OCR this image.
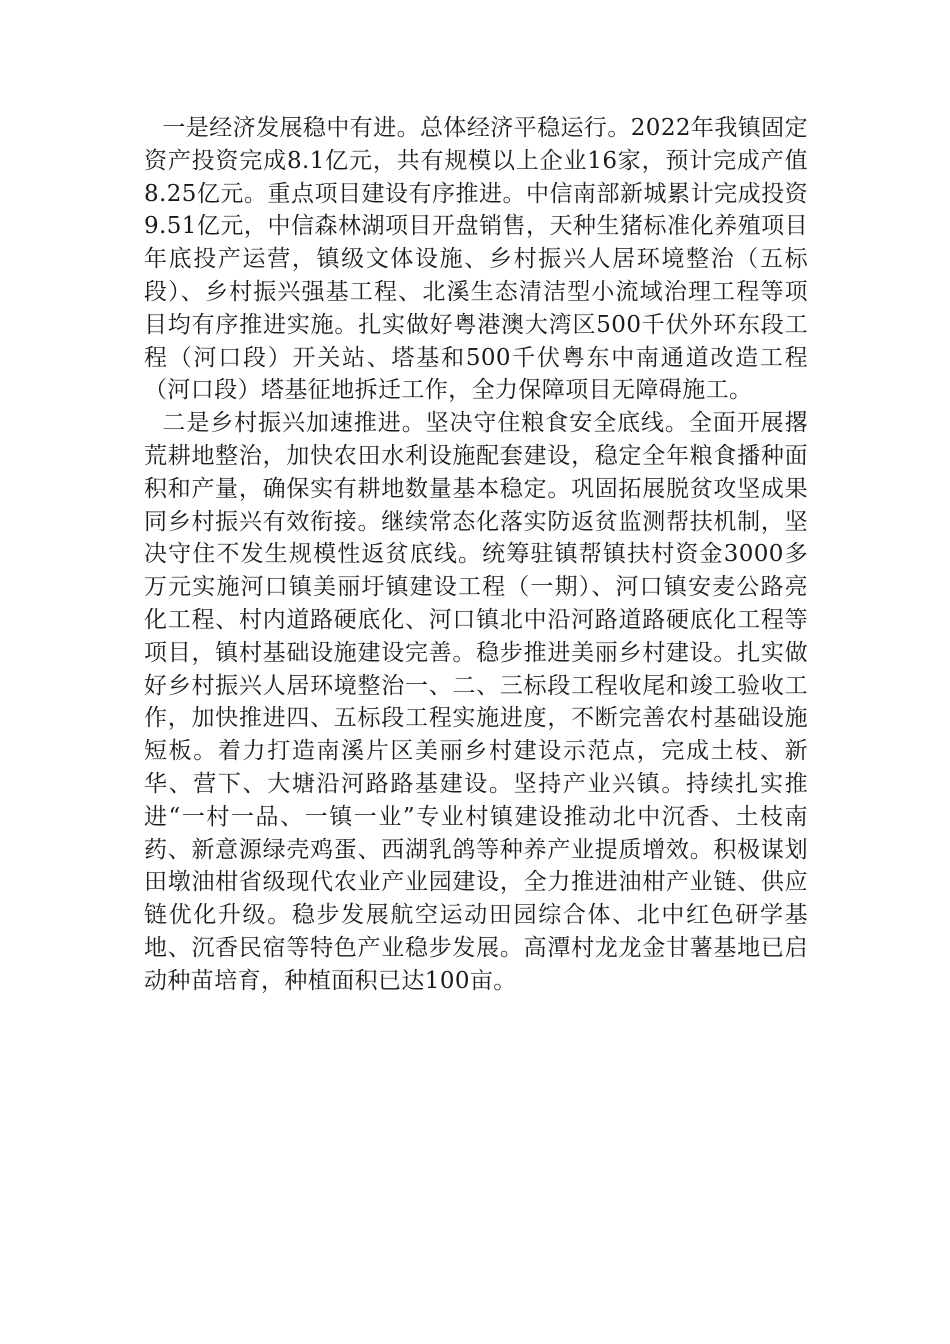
一是经济发展稳中有进。总体经济平稳运行。2022年我镇固定资产投资完成8.1亿元，共有规模以上企业16家，预计完成产值8.25亿元。重点项目建设有序推进。中信南部新城累计完成投资9.51亿元，中信森林湖项目开盘销售，天种生猪标准化养殖项目年底投产运营，镇级文体设施、乡村振兴人居环境整治（五标段）、乡村振兴强基工程、北溪生态清洁型小流域治理工程等项目均有序推进实施。扎实做好粤港澳大湾区500千伏外环东段工程（河口段）开关站、塔基和500千伏粤东中南通道改造工程（河口段）塔基征地拆迁工作，全力保障项目无障碍施工。

二是乡村振兴加速推进。坚决守住粮食安全底线。全面开展撂荒耕地整治，加快农田水利设施配套建设，稳定全年粮食播种面积和产量，确保实有耕地数量基本稳定。巩固拓展脱贫攻坚成果同乡村振兴有效衔接。继续常态化落实防返贫监测帮扶机制，坚决守住不发生规模性返贫底线。统筹驻镇帮镇扶村资金3000多万元实施河口镇美丽圩镇建设工程（一期）、河口镇安麦公路亮化工程、村内道路硬底化、河口镇北中沿河路道路硬底化工程等项目，镇村基础设施建设完善。稳步推进美丽乡村建设。扎实做好乡村振兴人居环境整治一、二、三标段工程收尾和竣工验收工作，加快推进四、五标段工程实施进度，不断完善农村基础设施短板。着力打造南溪片区美丽乡村建设示范点，完成土枝、新华、营下、大塘沿河路路基建设。坚持产业兴镇。持续扎实推进“一村一品、一镇一业”专业村镇建设推动北中沉香、土枝南药、新意源绿壳鸡蛋、西湖乳鸽等种养产业提质增效。积极谋划田墩油柑省级现代农业产业园建设，全力推进油柑产业链、供应链优化升级。稳步发展航空运动田园综合体、北中红色研学基地、沉香民宿等特色产业稳步发展。高潭村龙龙金甘薯基地已启动种苗培育，种植面积已达100亩。
